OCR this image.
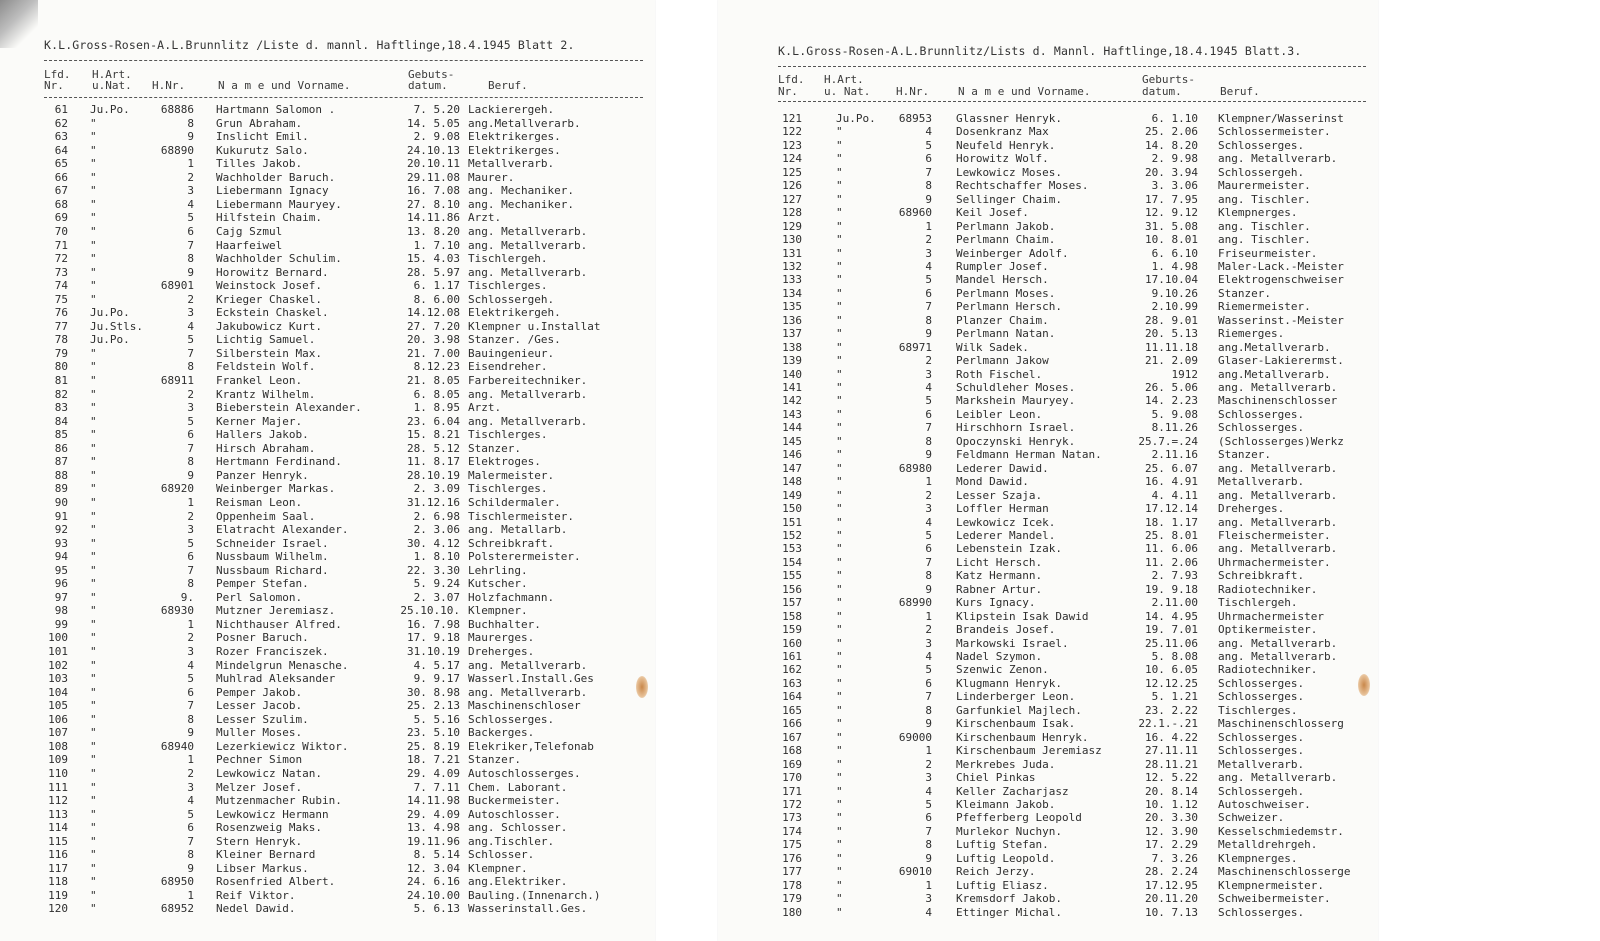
K.L.Gross-Rosen-A.L.Brunnlitz /Liste d. mannl. Haftlinge,18.4.1945 Blatt 2.
Lfd.
Nr.
H.Art.
u.Nat. H.Nr.	N a m e und Vorname.
Gebuts-
datum.	Beruf.
61 Ju.Po.	68886 Hartmann Salomon .	7. 5.20 Lackierergeh.
62 "	8 Grun Abraham.	14. 5.05 ang.Metallverarb.
63 "	9 Inslicht Emil.	2. 9.08 Elektrikerges.
64 "	68890 Kukurutz Salo.	24.10.13 Elektrikerges.
65 "	1 Tilles Jakob.	20.10.11 Metallverarb.
66 "	2 Wachholder Baruch.	29.11.08 Maurer.
67 "	3 Liebermann Ignacy	16. 7.08 ang. Mechaniker.
68 "	4 Liebermann Mauryey.	27. 8.10 ang. Mechaniker.
69 "	5 Hilfstein Chaim.	14.11.86 Arzt.
70 "	6 Cajg Szmul	13. 8.20 ang. Metallverarb.
71 "	7 Haarfeiwel	1. 7.10 ang. Metallverarb.
72 "	8 Wachholder Schulim.	15. 4.03 Tischlergeh.
73 "	9 Horowitz Bernard.	28. 5.97 ang. Metallverarb.
74 "	68901 Weinstock Josef.	6. 1.17 Tischlerges.
75 "	2 Krieger Chaskel.	8. 6.00 Schlossergeh.
76 Ju.Po.	3 Eckstein Chaskel.	14.12.08 Elektrikergeh.
77 Ju.Stls.	4 Jakubowicz Kurt.	27. 7.20 Klempner u.Installat
78 Ju.Po.	5 Lichtig Samuel.	20. 3.98 Stanzer. /Ges.
79 "	7 Silberstein Max.	21. 7.00 Bauingenieur.
80 "	8 Feldstein Wolf.	8.12.23 Eisendreher.
81 "	68911 Frankel Leon.	21. 8.05 Farbereitechniker.
82 "	2 Krantz Wilhelm.	6. 8.05 ang. Metallverarb.
83 "	3 Bieberstein Alexander.	1. 8.95 Arzt.
84 "	5 Kerner Majer.	23. 6.04 ang. Metallverarb.
85 "	6 Hallers Jakob.	15. 8.21 Tischlerges.
86 "	7 Hirsch Abraham.	28. 5.12 Stanzer.
87 "	8 Hertmann Ferdinand.	11. 8.17 Elektroges.
88 "	9 Panzer Henryk.	28.10.19 Malermeister.
89 "	68920 Weinberger Markas.	2. 3.09 Tischlerges.
90 "	1 Reisman Leon.	31.12.16 Schildermaler.
91 "	2 Oppenheim Saal.	2. 6.98 Tischlermeister.
92 "	3 Elatracht Alexander.	2. 3.06 ang. Metallarb.
93 "	5 Schneider Israel.	30. 4.12 Schreibkraft.
94 "	6 Nussbaum Wilhelm.	1. 8.10 Polsterermeister.
95 "	7 Nussbaum Richard.	22. 3.30 Lehrling.
96 "	8 Pemper Stefan.	5. 9.24 Kutscher.
97 "	9. Perl Salomon.	2. 3.07 Holzfachmann.
98 "	68930 Mutzner Jeremiasz.	25.10.10. Klempner.
99 "	1 Nichthauser Alfred.	16. 7.98 Buchhalter.
100 "	2 Posner Baruch.	17. 9.18 Maurerges.
101 "	3 Rozer Franciszek.	31.10.19 Dreherges.
102 "	4 Mindelgrun Menasche.	4. 5.17 ang. Metallverarb.
103 "	5 Muhlrad Aleksander	9. 9.17 Wasserl.Install.Ges
104 "	6 Pemper Jakob.	30. 8.98 ang. Metallverarb.
105 "	7 Lesser Jacob.	25. 2.13 Maschinenschloser
106 "	8 Lesser Szulim.	5. 5.16 Schlosserges.
107 "	9 Muller Moses.	23. 5.10 Backerges.
108 "	68940 Lezerkiewicz Wiktor.	25. 8.19 Elekriker,Telefonab
109 "	1 Pechner Simon	18. 7.21 Stanzer.
110 "	2 Lewkowicz Natan.	29. 4.09 Autoschlosserges.
111 "	3 Melzer Josef.	7. 7.11 Chem. Laborant.
112 "	4 Mutzenmacher Rubin.	14.11.98 Buckermeister.
113 "	5 Lewkowicz Hermann	29. 4.09 Autoschlosser.
114 "	6 Rosenzweig Maks.	13. 4.98 ang. Schlosser.
115 "	7 Stern Henryk.	19.11.96 ang.Tischler.
116 "	8 Kleiner Bernard	8. 5.14 Schlosser.
117 "	9 Libser Markus.	12. 3.04 Klempner.
118 "	68950 Rosenfried Albert.	24. 6.16 ang.Elektriker.
119 "	1 Reif Viktor.	24.10.00 Bauling.(Innenarch.)
120 "	68952 Nedel Dawid.	5. 6.13 Wasserinstall.Ges.
K.L.Gross-Rosen-A.L.Brunnlitz/Lists d. Mannl. Haftlinge,18.4.1945 Blatt.3.
Lfd.
Nr.
H.Art.
u. Nat. H.Nr.	N a m e und Vorname.
Geburts-
datum.	Beruf.
121	Ju.Po.	68953 Glassner Henryk.	6. 1.10 Klempner/Wasserinst
122	"	4 Dosenkranz Max	25. 2.06 Schlossermeister.
123	"	5 Neufeld Henryk.	14. 8.20 Schlosserges.
124	"	6 Horowitz Wolf.	2. 9.98 ang. Metallverarb.
125	"	7 Lewkowicz Moses.	20. 3.94 Schlossergeh.
126	"	8 Rechtschaffer Moses.	3. 3.06 Maurermeister.
127	"	9 Sellinger Chaim.	17. 7.95 ang. Tischler.
128	"	68960 Keil Josef.	12. 9.12 Klempnerges.
129	"	1 Perlmann Jakob.	31. 5.08 ang. Tischler.
130	"	2 Perlmann Chaim.	10. 8.01 ang. Tischler.
131	"	3 Weinberger Adolf.	6. 6.10 Friseurmeister.
132	"	4 Rumpler Josef.	1. 4.98 Maler-Lack.-Meister
133	"	5 Mandel Hersch.	17.10.04 Elektrogenschweiser
134	"	6 Perlmann Moses.	9.10.26 Stanzer.
135	"	7 Perlmann Hersch.	2.10.99 Riemermeister.
136	"	8 Planzer Chaim.	28. 9.01 Wasserinst.-Meister
137	"	9 Perlmann Natan.	20. 5.13 Riemerges.
138	"	68971 Wilk Sadek.	11.11.18 ang.Metallverarb.
139	"	2 Perlmann Jakow	21. 2.09 Glaser-Lakierermst.
140	"	3 Roth Fischel.	1912 ang.Metallverarb.
141	"	4 Schuldleher Moses.	26. 5.06 ang. Metallverarb.
142	"	5 Markshein Mauryey.	14. 2.23 Maschinenschlosser
143	"	6 Leibler Leon.	5. 9.08 Schlosserges.
144	"	7 Hirschhorn Israel.	8.11.26 Schlosserges.
145	"	8 Opoczynski Henryk.	25.7.=.24 (Schlosserges)Werkz
146	"	9 Feldmann Herman Natan.	2.11.16 Stanzer.
147	"	68980 Lederer Dawid.	25. 6.07 ang. Metallverarb.
148	"	1 Mond Dawid.	16. 4.91 Metallverarb.
149	"	2 Lesser Szaja.	4. 4.11 ang. Metallverarb.
150	"	3 Loffler Herman	17.12.14 Dreherges.
151	"	4 Lewkowicz Icek.	18. 1.17 ang. Metallverarb.
152	"	5 Lederer Mandel.	25. 8.01 Fleischermeister.
153	"	6 Lebenstein Izak.	11. 6.06 ang. Metallverarb.
154	"	7 Licht Hersch.	11. 2.06 Uhrmachermeister.
155	"	8 Katz Hermann.	2. 7.93 Schreibkraft.
156	"	9 Rabner Artur.	19. 9.18 Radiotechniker.
157	"	68990 Kurs Ignacy.	2.11.00 Tischlergeh.
158	"	1 Klipstein Isak Dawid	14. 4.95 Uhrmachermeister
159	"	2 Brandeis Josef.	19. 7.01 Optikermeister.
160	"	3 Markowski Israel.	25.11.06 ang. Metallverarb.
161	"	4 Nadel Szymon.	5. 8.08 ang. Metallverarb.
162	"	5 Szenwic Zenon.	10. 6.05 Radiotechniker.
163	"	6 Klugmann Henryk.	12.12.25 Schlosserges.
164	"	7 Linderberger Leon.	5. 1.21 Schlosserges.
165	"	8 Garfunkiel Majlech.	23. 2.22 Tischlerges.
166	"	9 Kirschenbaum Isak.	22.1.-.21 Maschinenschlosserg
167	"	69000 Kirschenbaum Henryk.	16. 4.22 Schlosserges.
168	"	1 Kirschenbaum Jeremiasz	27.11.11 Schlosserges.
169	"	2 Merkrebes Juda.	28.11.21 Metallverarb.
170	"	3 Chiel Pinkas	12. 5.22 ang. Metallverarb.
171	"	4 Keller Zacharjasz	20. 8.14 Schlossergeh.
172	"	5 Kleimann Jakob.	10. 1.12 Autoschweiser.
173	"	6 Pfefferberg Leopold	20. 3.30 Schweizer.
174	"	7 Murlekor Nuchyn.	12. 3.90 Kesselschmiedemstr.
175	"	8 Luftig Stefan.	17. 2.29 Metalldrehrgeh.
176	"	9 Luftig Leopold.	7. 3.26 Klempnerges.
177	"	69010 Reich Jerzy.	28. 2.24 Maschinenschlosserge
178	"	1 Luftig Eliasz.	17.12.95 Klempnermeister.
179	"	3 Kremsdorf Jakob.	20.11.20 Schweibermeister.
180	"	4 Ettinger Michal.	10. 7.13 Schlosserges.
